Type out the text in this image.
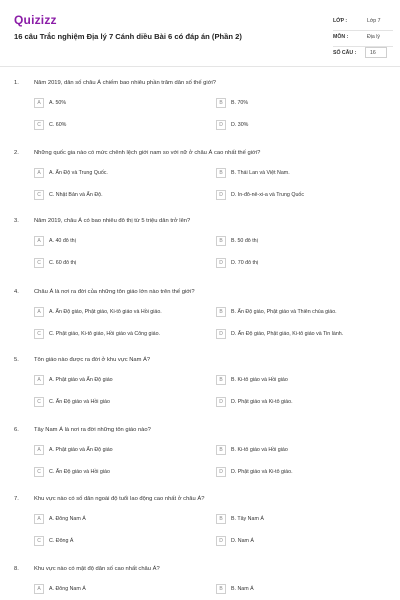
Quizizz
16 câu Trắc nghiệm Địa lý 7 Cánh diều Bài 6 có đáp án (Phần 2)
LỚP :	Lớp 7
MÔN :	Địa lý
SỐ CÂU :	16
1.	Năm 2019, dân số châu Á chiếm bao nhiêu phần trăm dân số thế giới?
A	A. 50%	B	B. 70%
C	C. 60%	D	D. 30%
2.	Những quốc gia nào có mức chênh lệch giới nam so với nữ ở châu Á cao nhất thế giới?
A	A. Ấn Độ và Trung Quốc.	B	B. Thái Lan và Việt Nam.
C	C. Nhật Bản và Ấn Độ.	D	D. In-đô-nê-xi-a và Trung Quốc
3.	Năm 2019, châu Á có bao nhiêu đô thị từ 5 triệu dân trở lên?
A	A. 40 đô thị	B	B. 50 đô thị
C	C. 60 đô thị	D	D. 70 đô thị
4.	Châu Á là nơi ra đời của những tôn giáo lớn nào trên thế giới?
A	A. Ấn Độ giáo, Phật giáo, Ki-tô giáo và Hồi giáo.	B	B. Ấn Độ giáo, Phật giáo và Thiên chúa giáo.
C	C. Phật giáo, Ki-tô giáo, Hồi giáo và Công giáo.	D	D. Ấn Độ giáo, Phật giáo, Ki-tô giáo và Tin lành.
5.	Tôn giáo nào được ra đời ở khu vực Nam Á?
A	A. Phật giáo và Ấn Độ giáo	B	B. Ki-tô giáo và Hồi giáo
C	C. Ấn Độ giáo và Hồi giáo	D	D. Phật giáo và Ki-tô giáo.
6.	Tây Nam Á là nơi ra đời những tôn giáo nào?
A	A. Phật giáo và Ấn Độ giáo	B	B. Ki-tô giáo và Hồi giáo
C	C. Ấn Độ giáo và Hồi giáo	D	D. Phật giáo và Ki-tô giáo.
7.	Khu vực nào có số dân ngoài độ tuổi lao động cao nhất ở châu Á?
A	A. Đông Nam Á	B	B. Tây Nam Á
C	C. Đông Á	D	D. Nam Á
8.	Khu vực nào có mật độ dân số cao nhất châu Á?
A	A. Đông Nam Á	B	B. Nam Á
